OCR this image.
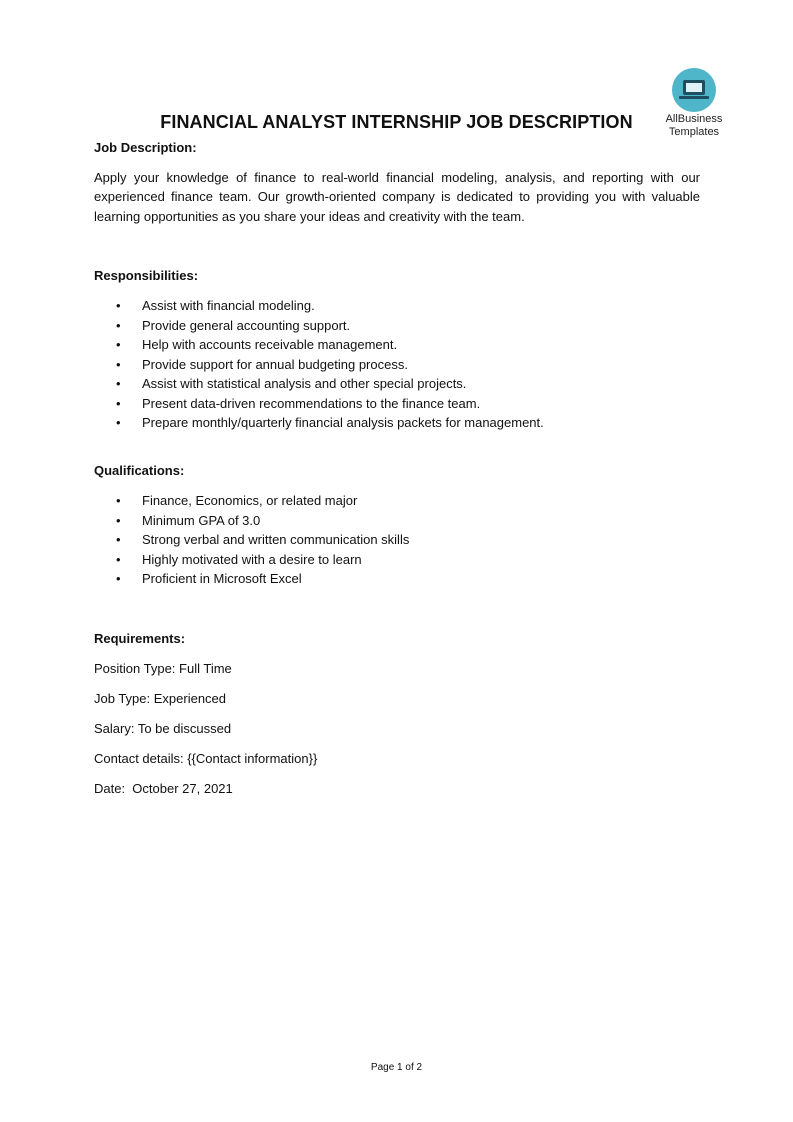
AllBusiness
Templates
FINANCIAL ANALYST INTERNSHIP JOB DESCRIPTION
Job Description:
Apply your knowledge of finance to real-world financial modeling, analysis, and reporting with our experienced finance team. Our growth-oriented company is dedicated to providing you with valuable learning opportunities as you share your ideas and creativity with the team.
Responsibilities:
• Assist with financial modeling.
• Provide general accounting support.
• Help with accounts receivable management.
• Provide support for annual budgeting process.
• Assist with statistical analysis and other special projects.
• Present data-driven recommendations to the finance team.
• Prepare monthly/quarterly financial analysis packets for management.
Qualifications:
• Finance, Economics, or related major
• Minimum GPA of 3.0
• Strong verbal and written communication skills
• Highly motivated with a desire to learn
• Proficient in Microsoft Excel
Requirements:
Position Type: Full Time
Job Type: Experienced
Salary: To be discussed
Contact details: {{Contact information}}
Date:  October 27, 2021
Page 1 of 2
